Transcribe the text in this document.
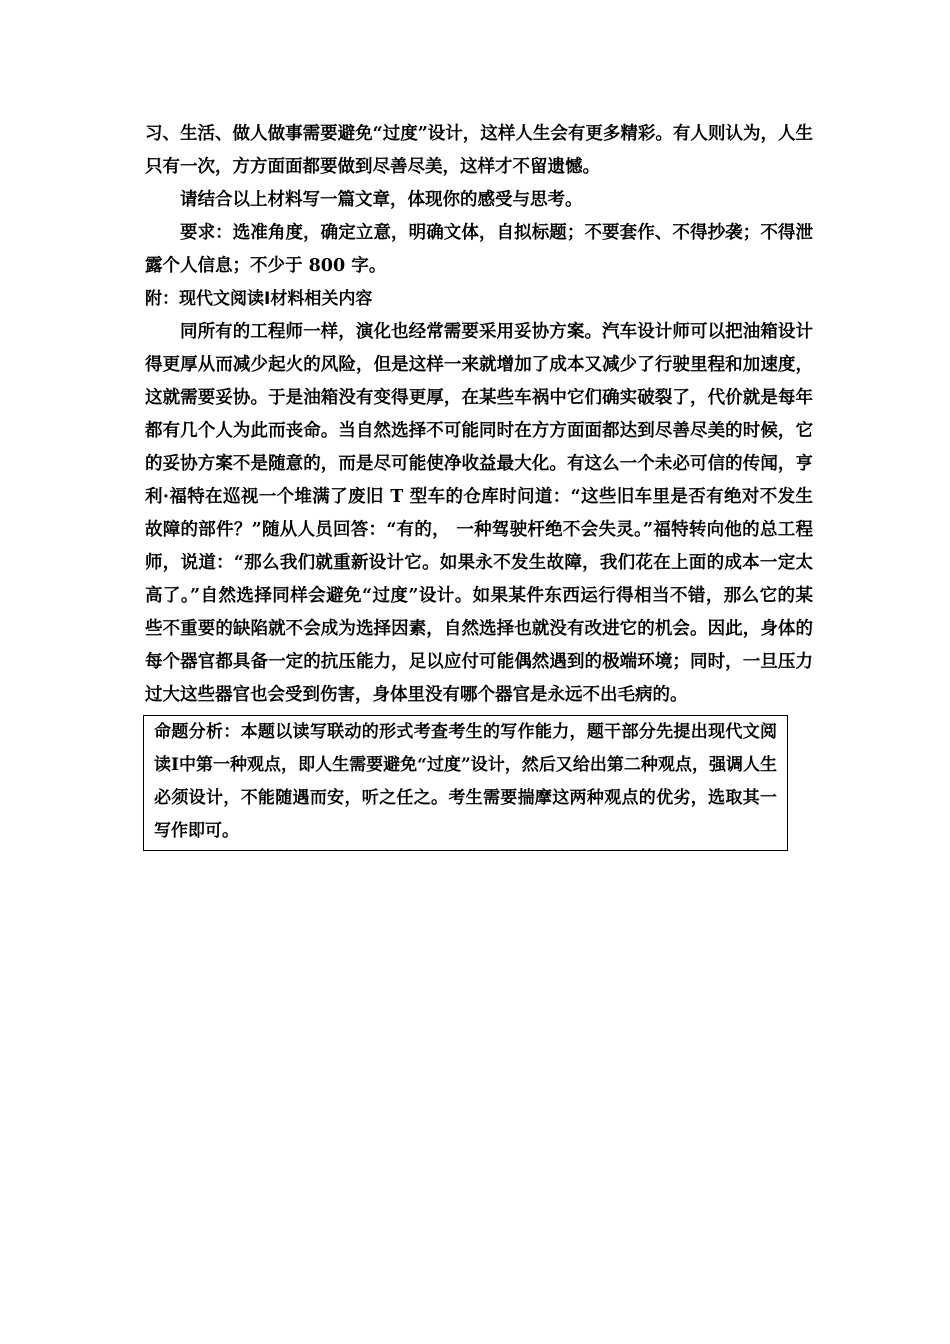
习、生活、做人做事需要避免“过度”设计，这样人生会有更多精彩。有人则认为，人生只有一次，方方面面都要做到尽善尽美，这样才不留遗憾。

请结合以上材料写一篇文章，体现你的感受与思考。

要求：选准角度，确定立意，明确文体，自拟标题；不要套作、不得抄袭；不得泄露个人信息；不少于 800 字。

附：现代文阅读Ⅰ材料相关内容

同所有的工程师一样，演化也经常需要采用妥协方案。汽车设计师可以把油箱设计得更厚从而减少起火的风险，但是这样一来就增加了成本又减少了行驶里程和加速度，这就需要妥协。于是油箱没有变得更厚，在某些车祸中它们确实破裂了，代价就是每年都有几个人为此而丧命。当自然选择不可能同时在方方面面都达到尽善尽美的时候，它的妥协方案不是随意的，而是尽可能使净收益最大化。有这么一个未必可信的传闻，亨利·福特在巡视一个堆满了废旧 T 型车的仓库时问道：“这些旧车里是否有绝对不发生故障的部件？”随从人员回答：“有的， 一种驾驶杆绝不会失灵。”福特转向他的总工程师，说道：“那么我们就重新设计它。如果永不发生故障，我们花在上面的成本一定太高了。”自然选择同样会避免“过度”设计。如果某件东西运行得相当不错，那么它的某些不重要的缺陷就不会成为选择因素，自然选择也就没有改进它的机会。因此，身体的每个器官都具备一定的抗压能力，足以应付可能偶然遇到的极端环境；同时，一旦压力过大这些器官也会受到伤害，身体里没有哪个器官是永远不出毛病的。

命题分析：本题以读写联动的形式考查考生的写作能力，题干部分先提出现代文阅读Ⅰ中第一种观点，即人生需要避免“过度”设计，然后又给出第二种观点，强调人生必须设计，不能随遇而安，听之任之。考生需要揣摩这两种观点的优劣，选取其一写作即可。
